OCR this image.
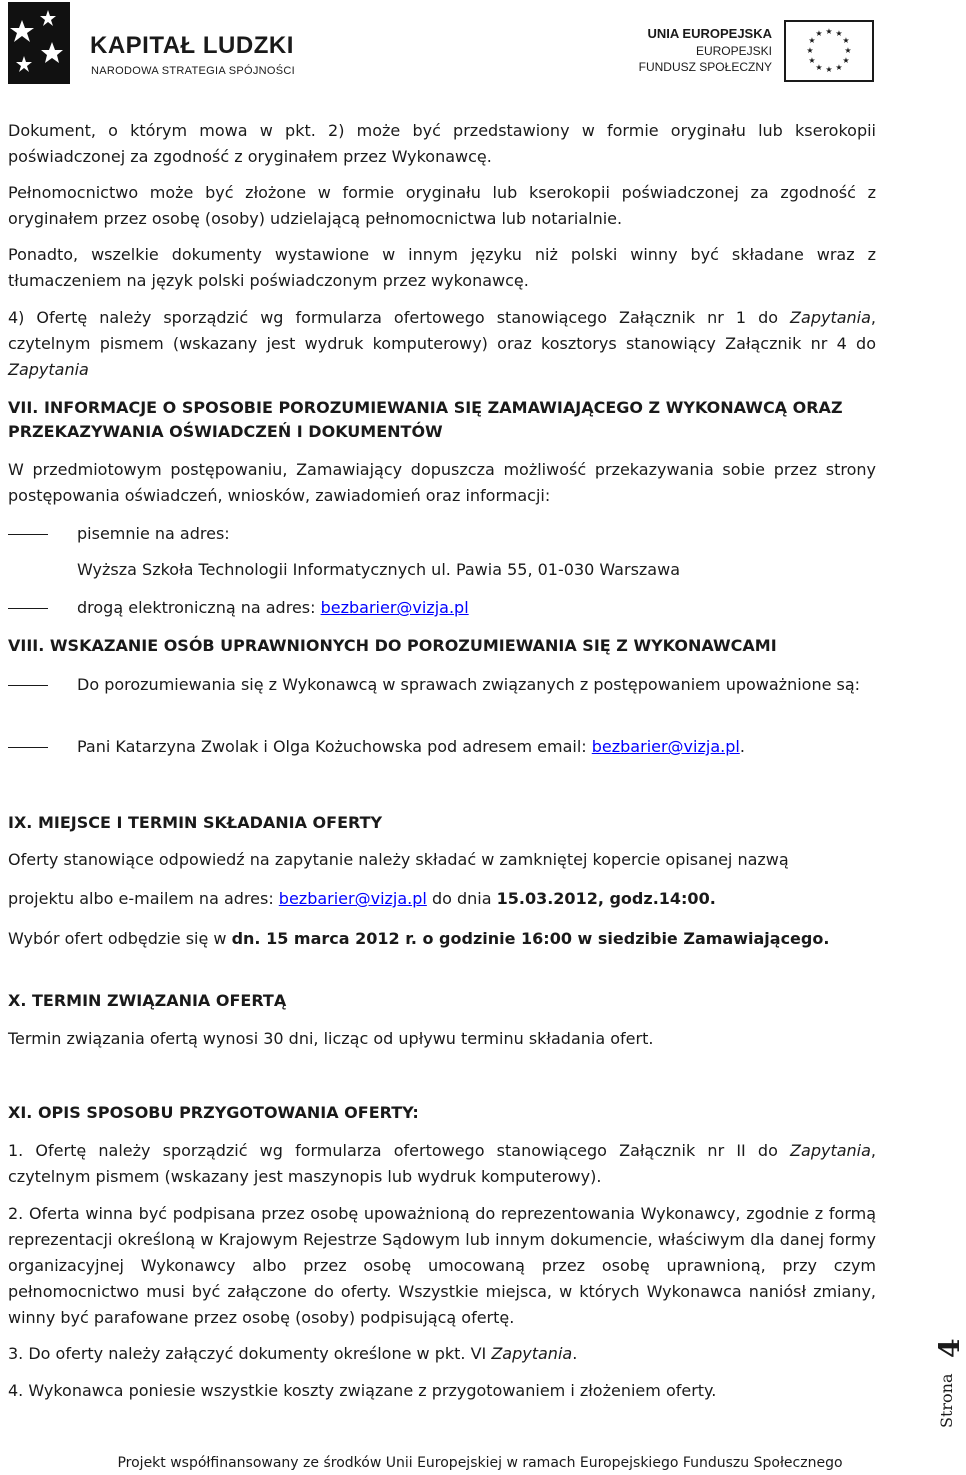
KAPITAŁ LUDZKI
NARODOWA STRATEGIA SPÓJNOŚCI
UNIA EUROPEJSKA
EUROPEJSKI
FUNDUSZ SPOŁECZNY
★ ★
★
★
★
★
★
★
★
★
★
★

Dokument, o którym mowa w pkt. 2) może być przedstawiony w formie oryginału lub kserokopii poświadczonej za zgodność z oryginałem przez Wykonawcę.

Pełnomocnictwo może być złożone w formie oryginału lub kserokopii poświadczonej za zgodność z oryginałem przez osobę (osoby) udzielającą pełnomocnictwa lub notarialnie.

Ponadto, wszelkie dokumenty wystawione w innym języku niż polski winny być składane wraz z tłumaczeniem na język polski poświadczonym przez wykonawcę.

4) Ofertę należy sporządzić wg formularza ofertowego stanowiącego Załącznik nr 1 do Zapytania, czytelnym pismem (wskazany jest wydruk komputerowy) oraz kosztorys stanowiący Załącznik nr 4 do Zapytania

VII. INFORMACJE O SPOSOBIE POROZUMIEWANIA SIĘ ZAMAWIAJĄCEGO Z WYKONAWCĄ ORAZ PRZEKAZYWANIA OŚWIADCZEŃ I DOKUMENTÓW

W przedmiotowym postępowaniu, Zamawiający dopuszcza możliwość przekazywania sobie przez strony postępowania oświadczeń, wniosków, zawiadomień oraz informacji:

pisemnie na adres:

Wyższa Szkoła Technologii Informatycznych ul. Pawia 55, 01-030 Warszawa

drogą elektroniczną na adres: bezbarier@vizja.pl

VIII. WSKAZANIE OSÓB UPRAWNIONYCH DO POROZUMIEWANIA SIĘ Z WYKONAWCAMI

Do porozumiewania się z Wykonawcą w sprawach związanych z postępowaniem upoważnione są:

Pani Katarzyna Zwolak i Olga Kożuchowska pod adresem email: bezbarier@vizja.pl.

IX. MIEJSCE I TERMIN SKŁADANIA OFERTY

Oferty stanowiące odpowiedź na zapytanie należy składać w zamkniętej kopercie opisanej nazwą

projektu albo e-mailem na adres: bezbarier@vizja.pl do dnia 15.03.2012, godz.14:00.

Wybór ofert odbędzie się w dn. 15 marca 2012 r. o godzinie 16:00 w siedzibie Zamawiającego.

X. TERMIN ZWIĄZANIA OFERTĄ

Termin związania ofertą wynosi 30 dni, licząc od upływu terminu składania ofert.

XI. OPIS SPOSOBU PRZYGOTOWANIA OFERTY:

1. Ofertę należy sporządzić wg formularza ofertowego stanowiącego Załącznik nr II do Zapytania, czytelnym pismem (wskazany jest maszynopis lub wydruk komputerowy).

2. Oferta winna być podpisana przez osobę upoważnioną do reprezentowania Wykonawcy, zgodnie z formą reprezentacji określoną w Krajowym Rejestrze Sądowym lub innym dokumencie, właściwym dla danej formy organizacyjnej Wykonawcy albo przez osobę umocowaną przez osobę uprawnioną, przy czym pełnomocnictwo musi być załączone do oferty. Wszystkie miejsca, w których Wykonawca naniósł zmiany, winny być parafowane przez osobę (osoby) podpisującą ofertę.

3. Do oferty należy załączyć dokumenty określone w pkt. VI Zapytania.

4. Wykonawca poniesie wszystkie koszty związane z przygotowaniem i złożeniem oferty.

4
Strona
Projekt współfinansowany ze środków Unii Europejskiej w ramach Europejskiego Funduszu Społecznego
